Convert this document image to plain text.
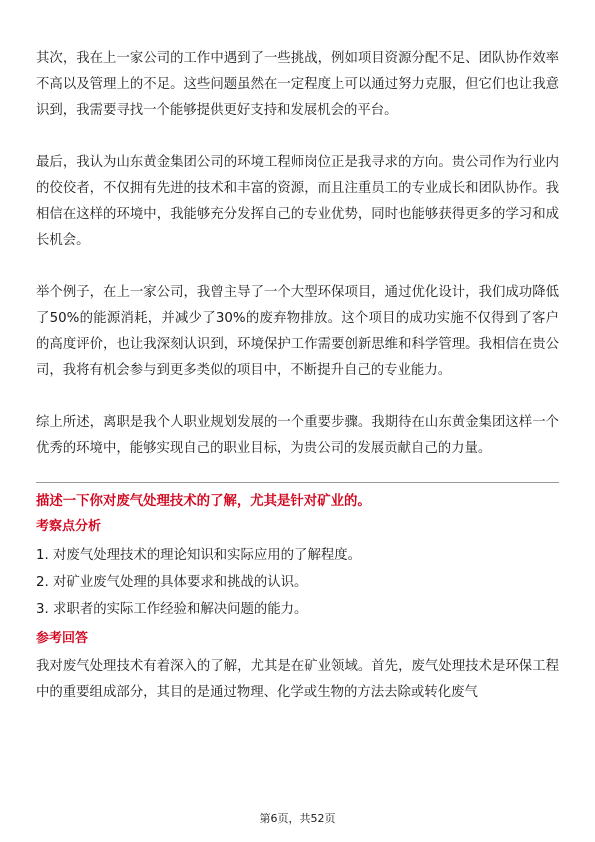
其次，我在上一家公司的工作中遇到了一些挑战，例如项目资源分配不足、团队协作效率不高以及管理上的不足。这些问题虽然在一定程度上可以通过努力克服，但它们也让我意识到，我需要寻找一个能够提供更好支持和发展机会的平台。

最后，我认为山东黄金集团公司的环境工程师岗位正是我寻求的方向。贵公司作为行业内的佼佼者，不仅拥有先进的技术和丰富的资源，而且注重员工的专业成长和团队协作。我相信在这样的环境中，我能够充分发挥自己的专业优势，同时也能够获得更多的学习和成长机会。

举个例子，在上一家公司，我曾主导了一个大型环保项目，通过优化设计，我们成功降低了50%的能源消耗，并减少了30%的废弃物排放。这个项目的成功实施不仅得到了客户的高度评价，也让我深刻认识到，环境保护工作需要创新思维和科学管理。我相信在贵公司，我将有机会参与到更多类似的项目中，不断提升自己的专业能力。

综上所述，离职是我个人职业规划发展的一个重要步骤。我期待在山东黄金集团这样一个优秀的环境中，能够实现自己的职业目标，为贵公司的发展贡献自己的力量。

描述一下你对废气处理技术的了解，尤其是针对矿业的。

考察点分析

1. 对废气处理技术的理论知识和实际应用的了解程度。

2. 对矿业废气处理的具体要求和挑战的认识。

3. 求职者的实际工作经验和解决问题的能力。

参考回答

我对废气处理技术有着深入的了解，尤其是在矿业领域。首先，废气处理技术是环保工程中的重要组成部分，其目的是通过物理、化学或生物的方法去除或转化废气

第6页，共52页
